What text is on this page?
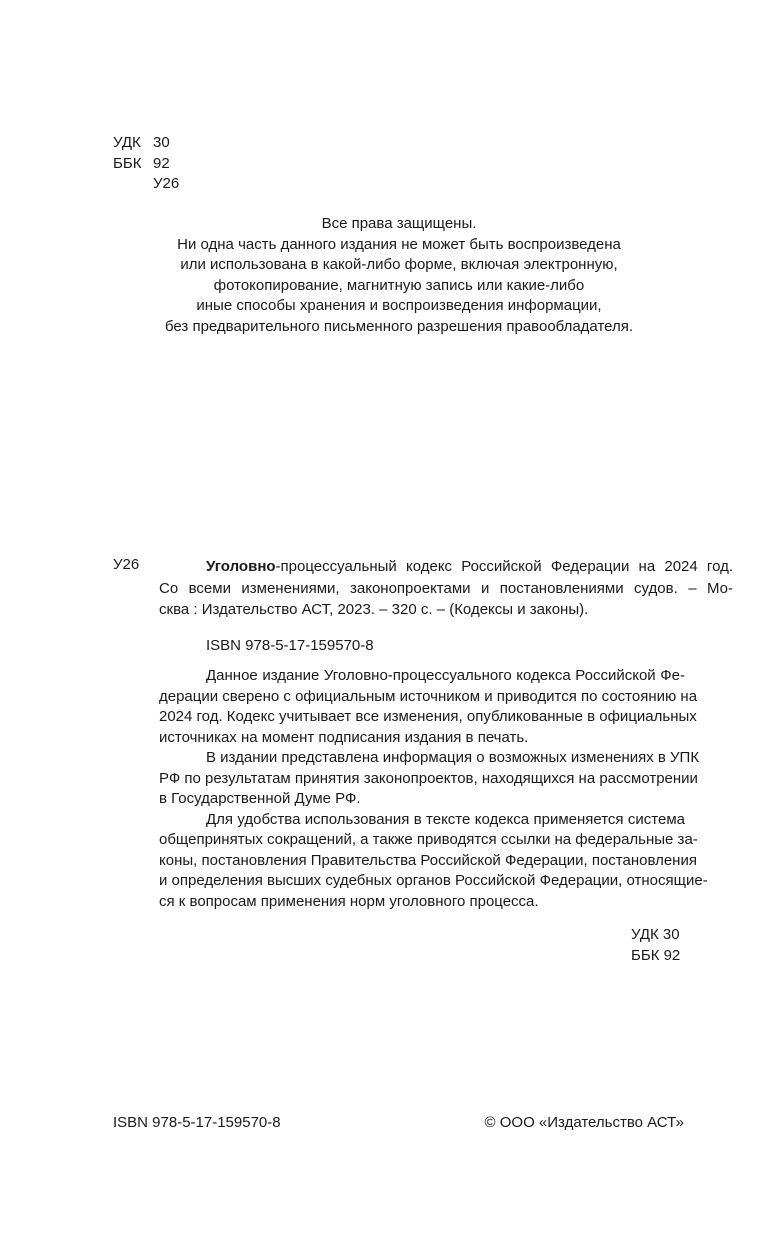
УДК 30
ББК 92
У26
Все права защищены.
Ни одна часть данного издания не может быть воспроизведена
или использована в какой-либо форме, включая электронную,
фотокопирование, магнитную запись или какие-либо
иные способы хранения и воспроизведения информации,
без предварительного письменного разрешения правообладателя.
У26	Уголовно-процессуальный кодекс Российской Федерации на 2024 год.
Со всеми изменениями, законопроектами и постановлениями судов. – Мо-
сква : Издательство АСТ, 2023. – 320 с. – (Кодексы и законы).
ISBN 978-5-17-159570-8
Данное издание Уголовно-процессуального кодекса Российской Фе-
дерации сверено с официальным источником и приводится по состоянию на
2024 год. Кодекс учитывает все изменения, опубликованные в официальных
источниках на момент подписания издания в печать.
В издании представлена информация о возможных изменениях в УПК
РФ по результатам принятия законопроектов, находящихся на рассмотрении
в Государственной Думе РФ.
Для удобства использования в тексте кодекса применяется система
общепринятых сокращений, а также приводятся ссылки на федеральные за-
коны, постановления Правительства Российской Федерации, постановления
и определения высших судебных органов Российской Федерации, относящие-
ся к вопросам применения норм уголовного процесса.
УДК 30
ББК 92
ISBN 978-5-17-159570-8	© ООО «Издательство АСТ»
